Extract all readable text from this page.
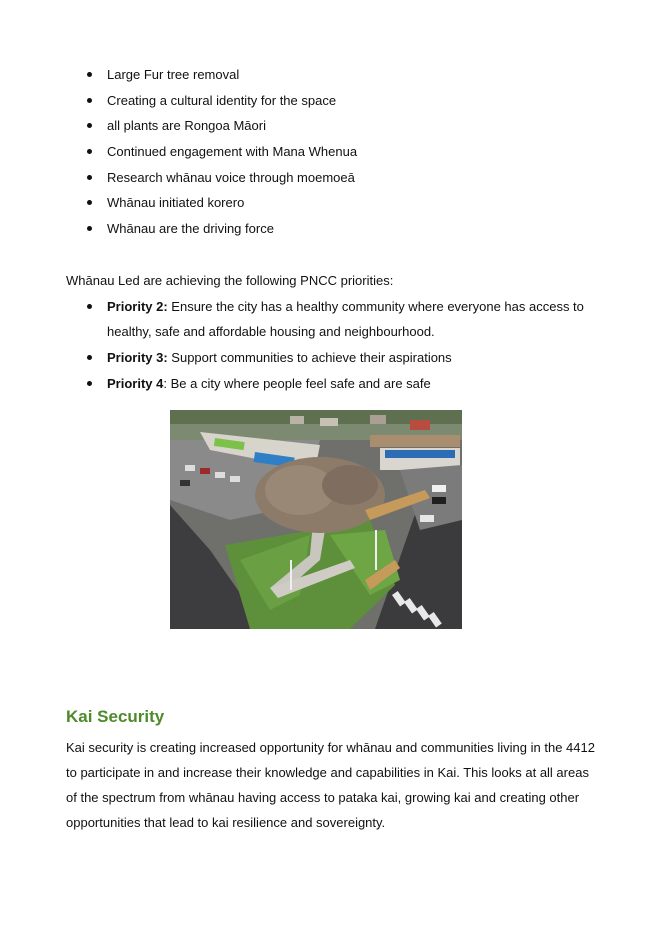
Large Fur tree removal
Creating a cultural identity for the space
all plants are Rongoa Māori
Continued engagement with Mana Whenua
Research whānau voice through moemoeā
Whānau initiated korero
Whānau are the driving force
Whānau Led are achieving the following PNCC priorities:
Priority 2: Ensure the city has a healthy community where everyone has access to healthy, safe and affordable housing and neighbourhood.
Priority 3: Support communities to achieve their aspirations
Priority 4: Be a city where people feel safe and are safe
Kai Security

Kai security is creating increased opportunity for whānau and communities living in the 4412 to participate in and increase their knowledge and capabilities in Kai. This looks at all areas of the spectrum from whānau having access to pataka kai, growing kai and creating other opportunities that lead to kai resilience and sovereignty.
